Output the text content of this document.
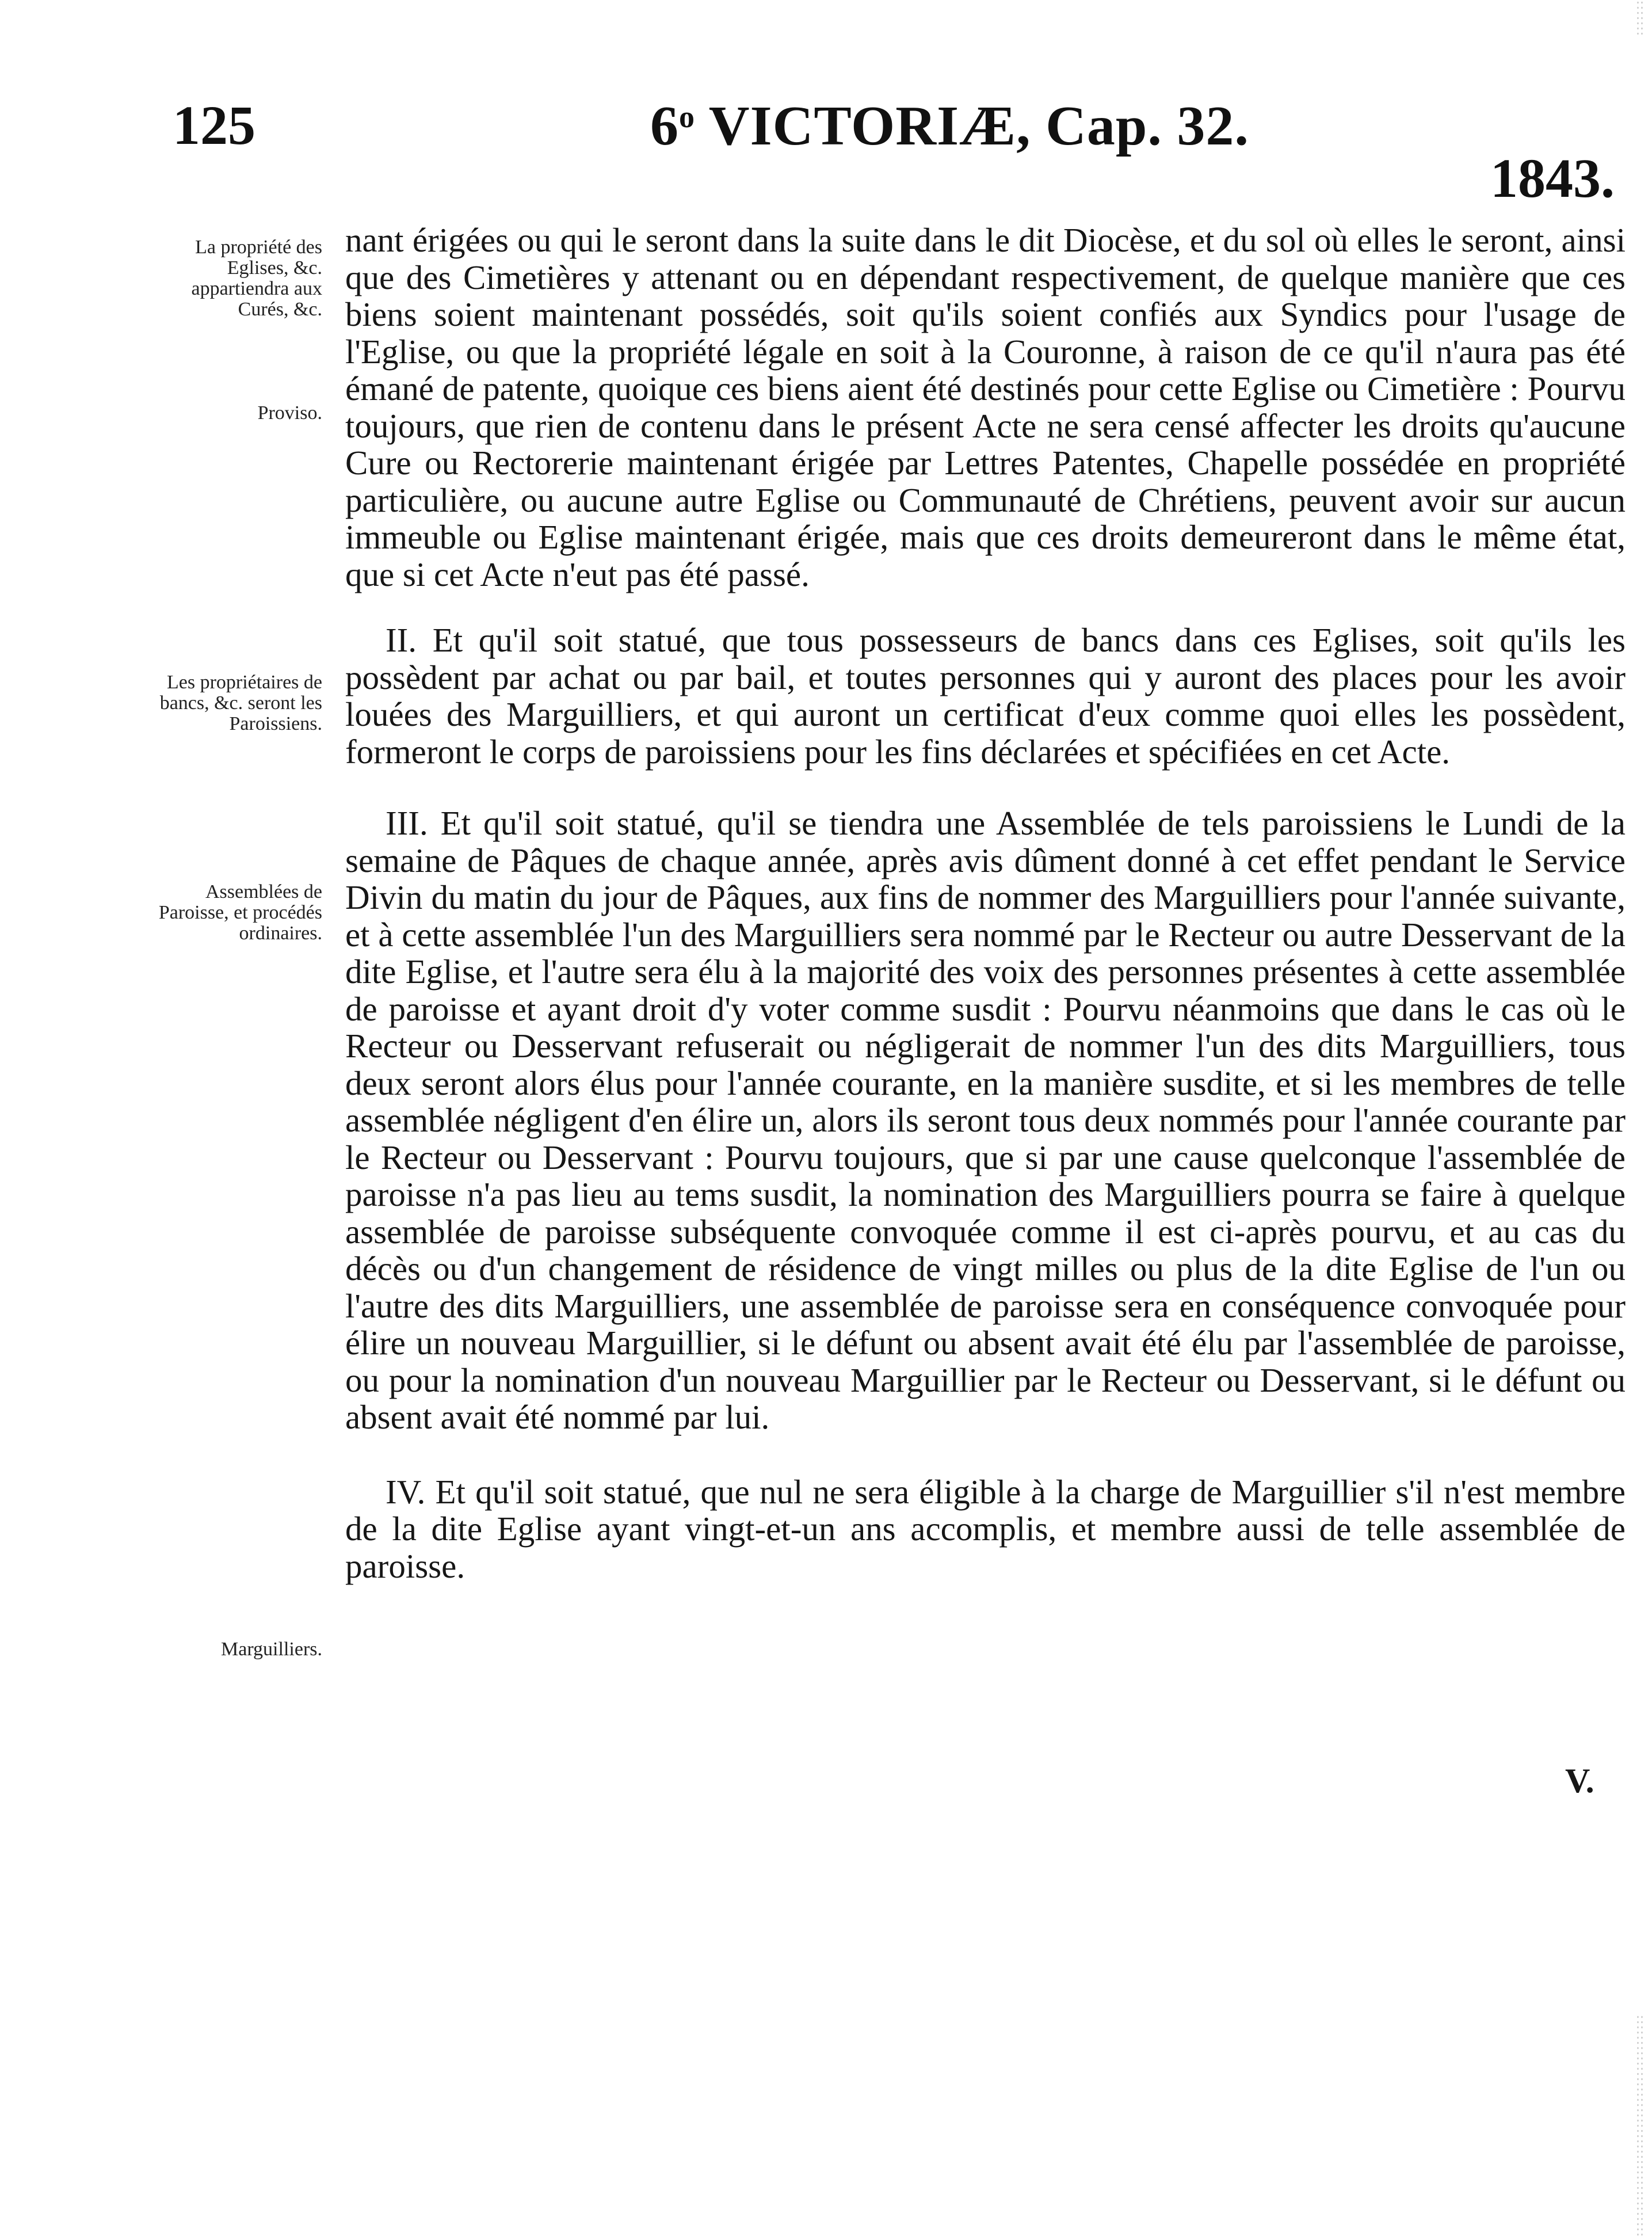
125	6$^o$ VICTORIÆ, Cap. 32.
1843.
La propriété des Eglises, &c. appartiendra aux Curés, &c.
Proviso.
Les propriétaires de bancs, &c. seront les Paroissiens.
Assemblées de Paroisse, et procédés ordinaires.
Marguilliers.

nant érigées ou qui le seront dans la suite dans le dit Diocèse, et du sol où elles le seront, ainsi que des Cimetières y attenant ou en dépendant respectivement, de quelque manière que ces biens soient maintenant possédés, soit qu'ils soient confiés aux Syndics pour l'usage de l'Eglise, ou que la propriété légale en soit à la Couronne, à raison de ce qu'il n'aura pas été émané de patente, quoique ces biens aient été destinés pour cette Eglise ou Cimetière : Pourvu toujours, que rien de contenu dans le présent Acte ne sera censé affecter les droits qu'aucune Cure ou Rectorerie maintenant érigée par Lettres Patentes, Chapelle possédée en propriété particulière, ou aucune autre Eglise ou Communauté de Chrétiens, peuvent avoir sur aucun immeuble ou Eglise maintenant érigée, mais que ces droits demeureront dans le même état, que si cet Acte n'eut pas été passé.

II. Et qu'il soit statué, que tous possesseurs de bancs dans ces Eglises, soit qu'ils les possèdent par achat ou par bail, et toutes personnes qui y auront des places pour les avoir louées des Marguilliers, et qui auront un certificat d'eux comme quoi elles les possèdent, formeront le corps de paroissiens pour les fins déclarées et spécifiées en cet Acte.

III. Et qu'il soit statué, qu'il se tiendra une Assemblée de tels paroissiens le Lundi de la semaine de Pâques de chaque année, après avis dûment donné à cet effet pendant le Service Divin du matin du jour de Pâques, aux fins de nommer des Marguilliers pour l'année suivante, et à cette assemblée l'un des Marguilliers sera nommé par le Recteur ou autre Desservant de la dite Eglise, et l'autre sera élu à la majorité des voix des personnes présentes à cette assemblée de paroisse et ayant droit d'y voter comme susdit : Pourvu néanmoins que dans le cas où le Recteur ou Desservant refuserait ou négligerait de nommer l'un des dits Marguilliers, tous deux seront alors élus pour l'année courante, en la manière susdite, et si les membres de telle assemblée négligent d'en élire un, alors ils seront tous deux nommés pour l'année courante par le Recteur ou Desservant : Pourvu toujours, que si par une cause quelconque l'assemblée de paroisse n'a pas lieu au tems susdit, la nomination des Marguilliers pourra se faire à quelque assemblée de paroisse subséquente convoquée comme il est ci-après pourvu, et au cas du décès ou d'un changement de résidence de vingt milles ou plus de la dite Eglise de l'un ou l'autre des dits Marguilliers, une assemblée de paroisse sera en conséquence convoquée pour élire un nouveau Marguillier, si le défunt ou absent avait été élu par l'assemblée de paroisse, ou pour la nomination d'un nouveau Marguillier par le Recteur ou Desservant, si le défunt ou absent avait été nommé par lui.

IV. Et qu'il soit statué, que nul ne sera éligible à la charge de Marguillier s'il n'est membre de la dite Eglise ayant vingt-et-un ans accomplis, et membre aussi de telle assemblée de paroisse.

V.
